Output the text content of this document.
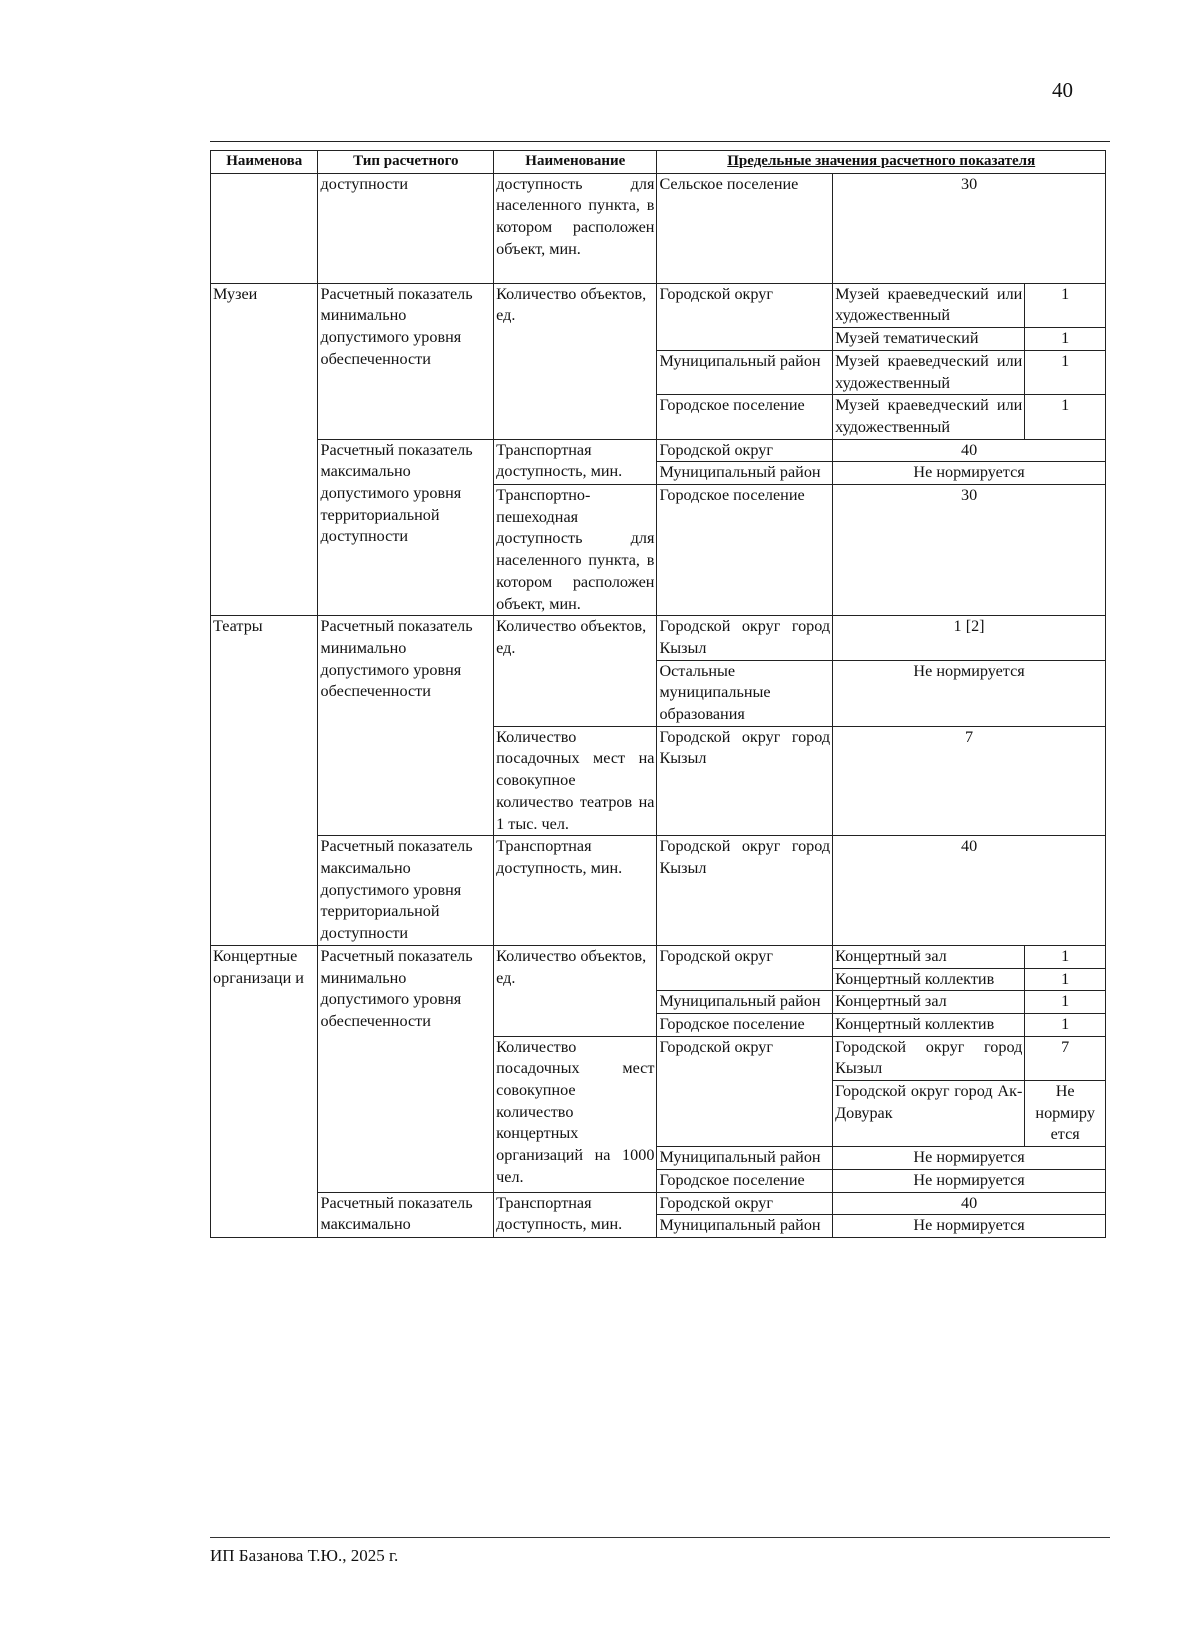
40
Наименова	Тип расчетного	Наименование	Предельные значения расчетного показателя		
	доступности	доступность для населенного пункта, в котором расположен объект, мин.	Сельское поселение	30	
Музеи	Расчетный показатель минимально допустимого уровня обеспеченности	Количество объектов, ед.	Городской округ	Музей краеведческий или художественный	1
				Музей тематический	1
			Муниципальный район	Музей краеведческий или художественный	1
			Городское поселение	Музей краеведческий или художественный	1
	Расчетный показатель максимально допустимого уровня территориальной доступности	Транспортная доступность, мин.	Городской округ	40	
			Муниципальный район	Не нормируется	
		Транспортно-пешеходная доступность для населенного пункта, в котором расположен объект, мин.	Городское поселение	30	

Театры	Расчетный показатель минимально допустимого уровня обеспеченности	Количество объектов, ед.	Городской округ город Кызыл	1 [2]	
			Остальные муниципальные образования	Не нормируется	
		Количество посадочных мест на совокупное количество театров на 1 тыс. чел.	Городской округ город Кызыл	7	
	Расчетный показатель максимально допустимого уровня территориальной доступности	Транспортная доступность, мин.	Городской округ город Кызыл	40	
Концертные организаци и	Расчетный показатель минимально допустимого уровня обеспеченности	Количество объектов, ед.	Городской округ	Концертный зал	1
				Концертный коллектив	1
			Муниципальный район	Концертный зал	1
			Городское поселение	Концертный коллектив	1

		Количество посадочных мест совокупное количество концертных организаций на 1000 чел.	Городской округ	Городской округ город Кызыл	7
				Городской округ город Ак-Довурак	Не нормиру ется
			Муниципальный район	Не нормируется	
			Городское поселение	Не нормируется	
	Расчетный показатель максимально	Транспортная доступность, мин.	Городской округ	40	
			Муниципальный район	Не нормируется	
ИП Базанова Т.Ю., 2025 г.
